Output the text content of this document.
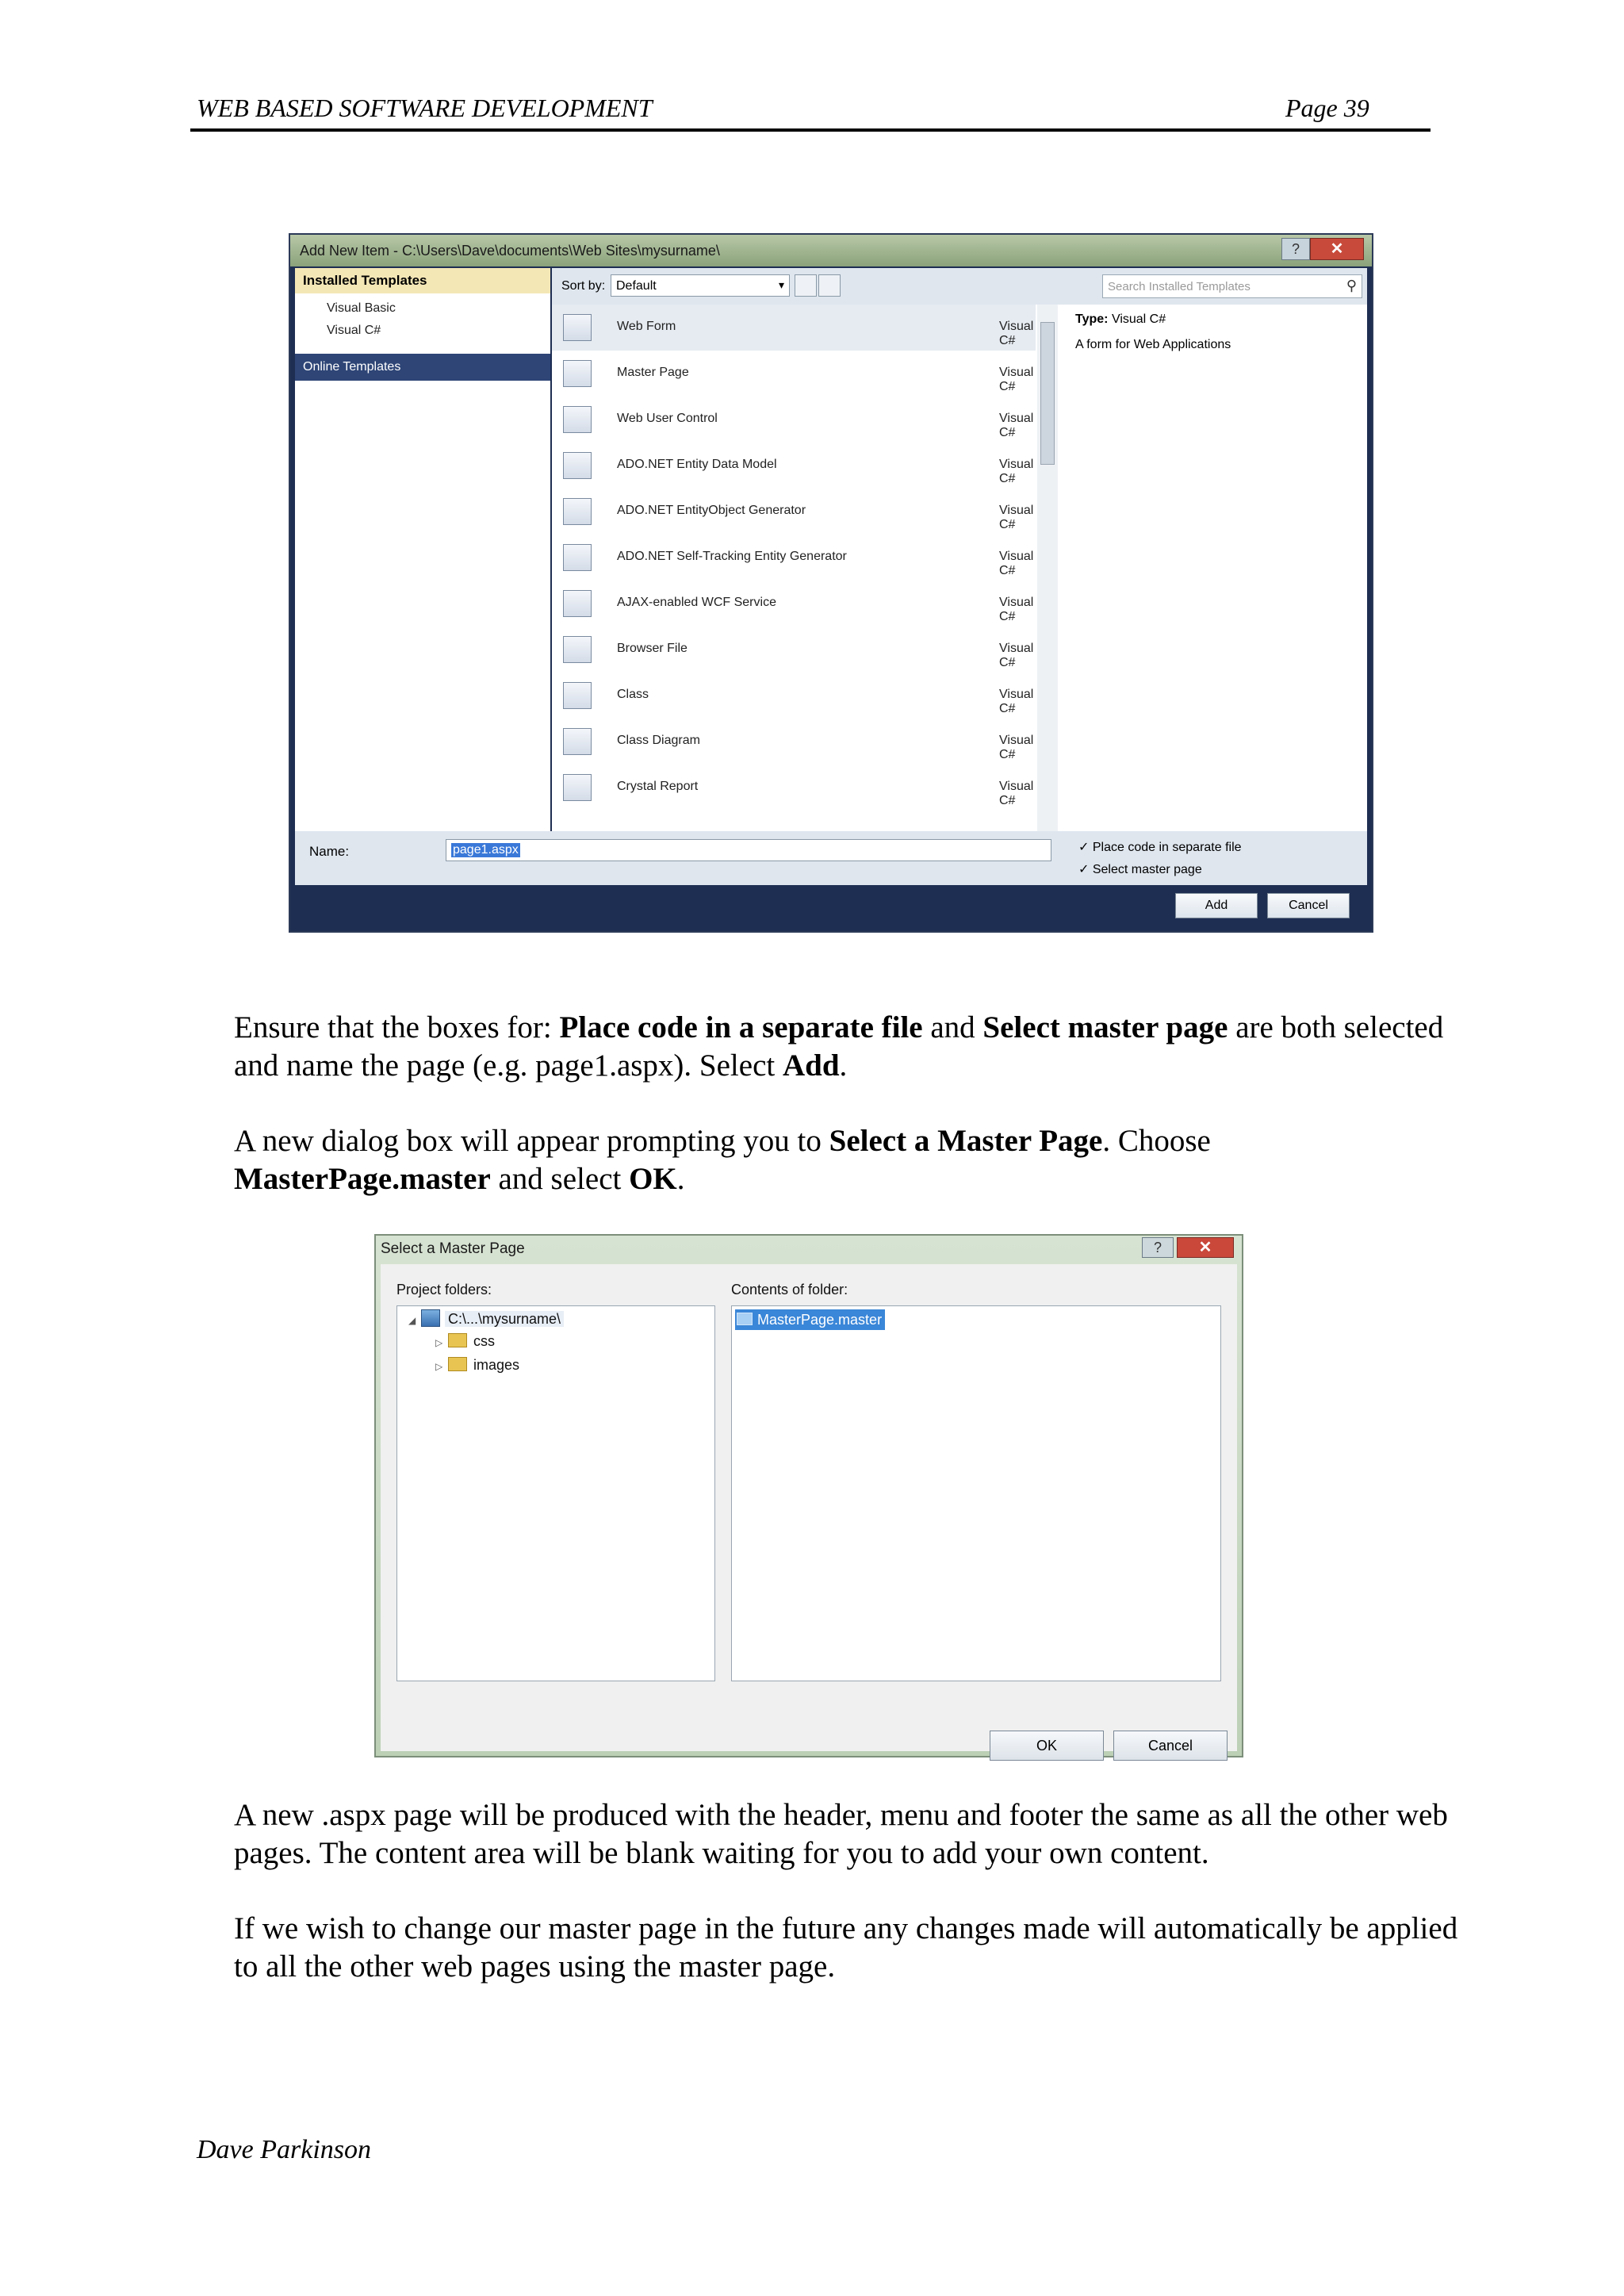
WEB BASED SOFTWARE DEVELOPMENT	Page 39
Add New Item - C:\Users\Dave\documents\Web Sites\mysurname\	?	✕
Installed Templates
Visual Basic
Visual C#
Online Templates
Sort by: Default	▾	Search Installed Templates	⚲
Web Form	Visual C#
Master Page	Visual C#
Web User Control	Visual C#
ADO.NET Entity Data Model	Visual C#
ADO.NET EntityObject Generator	Visual C#
ADO.NET Self-Tracking Entity Generator	Visual C#
AJAX-enabled WCF Service	Visual C#
Browser File	Visual C#
Class	Visual C#
Class Diagram	Visual C#
Crystal Report	Visual C#
Type: Visual C#
A form for Web Applications
Name:	page1.aspx	✓ Place code in separate file
✓ Select master page
Add	Cancel
Ensure that the boxes for: Place code in a separate file and Select master page are both selected and name the page (e.g. page1.aspx). Select Add.
A new dialog box will appear prompting you to Select a Master Page. Choose
MasterPage.master and select OK.
Select a Master Page	?	✕
Project folders:	Contents of folder:
◢ C:\...\mysurname\
▷ css
▷ images
MasterPage.master
OK	Cancel
A new .aspx page will be produced with the header, menu and footer the same as all the other web pages. The content area will be blank waiting for you to add your own content.
If we wish to change our master page in the future any changes made will automatically be applied to all the other web pages using the master page.
Dave Parkinson
